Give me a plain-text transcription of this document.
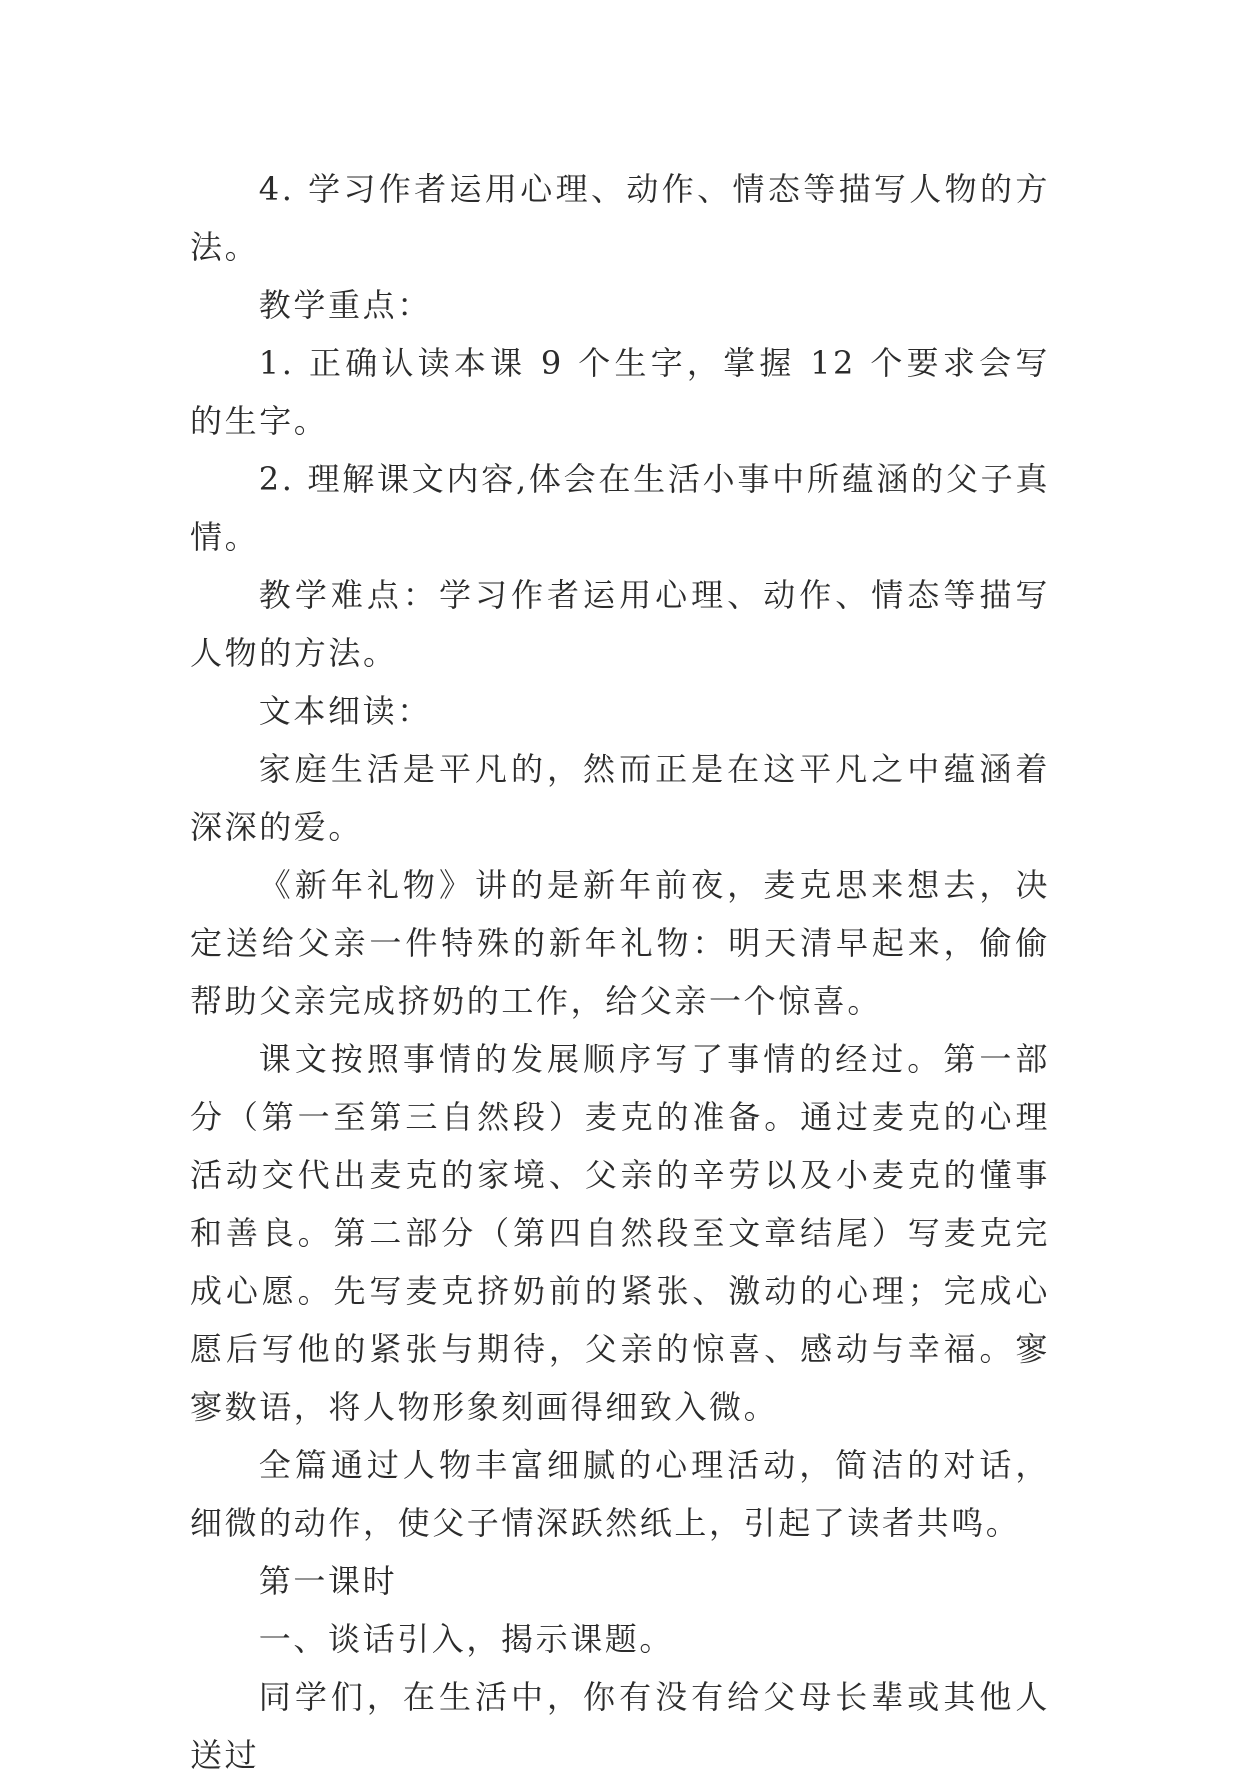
4. 学习作者运用心理、动作、情态等描写人物的方法。

教学重点：

1. 正确认读本课 9 个生字，掌握 12 个要求会写的生字。

2. 理解课文内容,体会在生活小事中所蕴涵的父子真情。

教学难点：学习作者运用心理、动作、情态等描写人物的方法。

文本细读：

家庭生活是平凡的，然而正是在这平凡之中蕴涵着深深的爱。

《新年礼物》讲的是新年前夜，麦克思来想去，决定送给父亲一件特殊的新年礼物：明天清早起来，偷偷帮助父亲完成挤奶的工作，给父亲一个惊喜。

课文按照事情的发展顺序写了事情的经过。第一部分（第一至第三自然段）麦克的准备。通过麦克的心理活动交代出麦克的家境、父亲的辛劳以及小麦克的懂事和善良。第二部分（第四自然段至文章结尾）写麦克完成心愿。先写麦克挤奶前的紧张、激动的心理；完成心愿后写他的紧张与期待，父亲的惊喜、感动与幸福。寥寥数语，将人物形象刻画得细致入微。

全篇通过人物丰富细腻的心理活动，简洁的对话，细微的动作，使父子情深跃然纸上，引起了读者共鸣。

第一课时

一、谈话引入，揭示课题。

同学们，在生活中，你有没有给父母长辈或其他人送过
